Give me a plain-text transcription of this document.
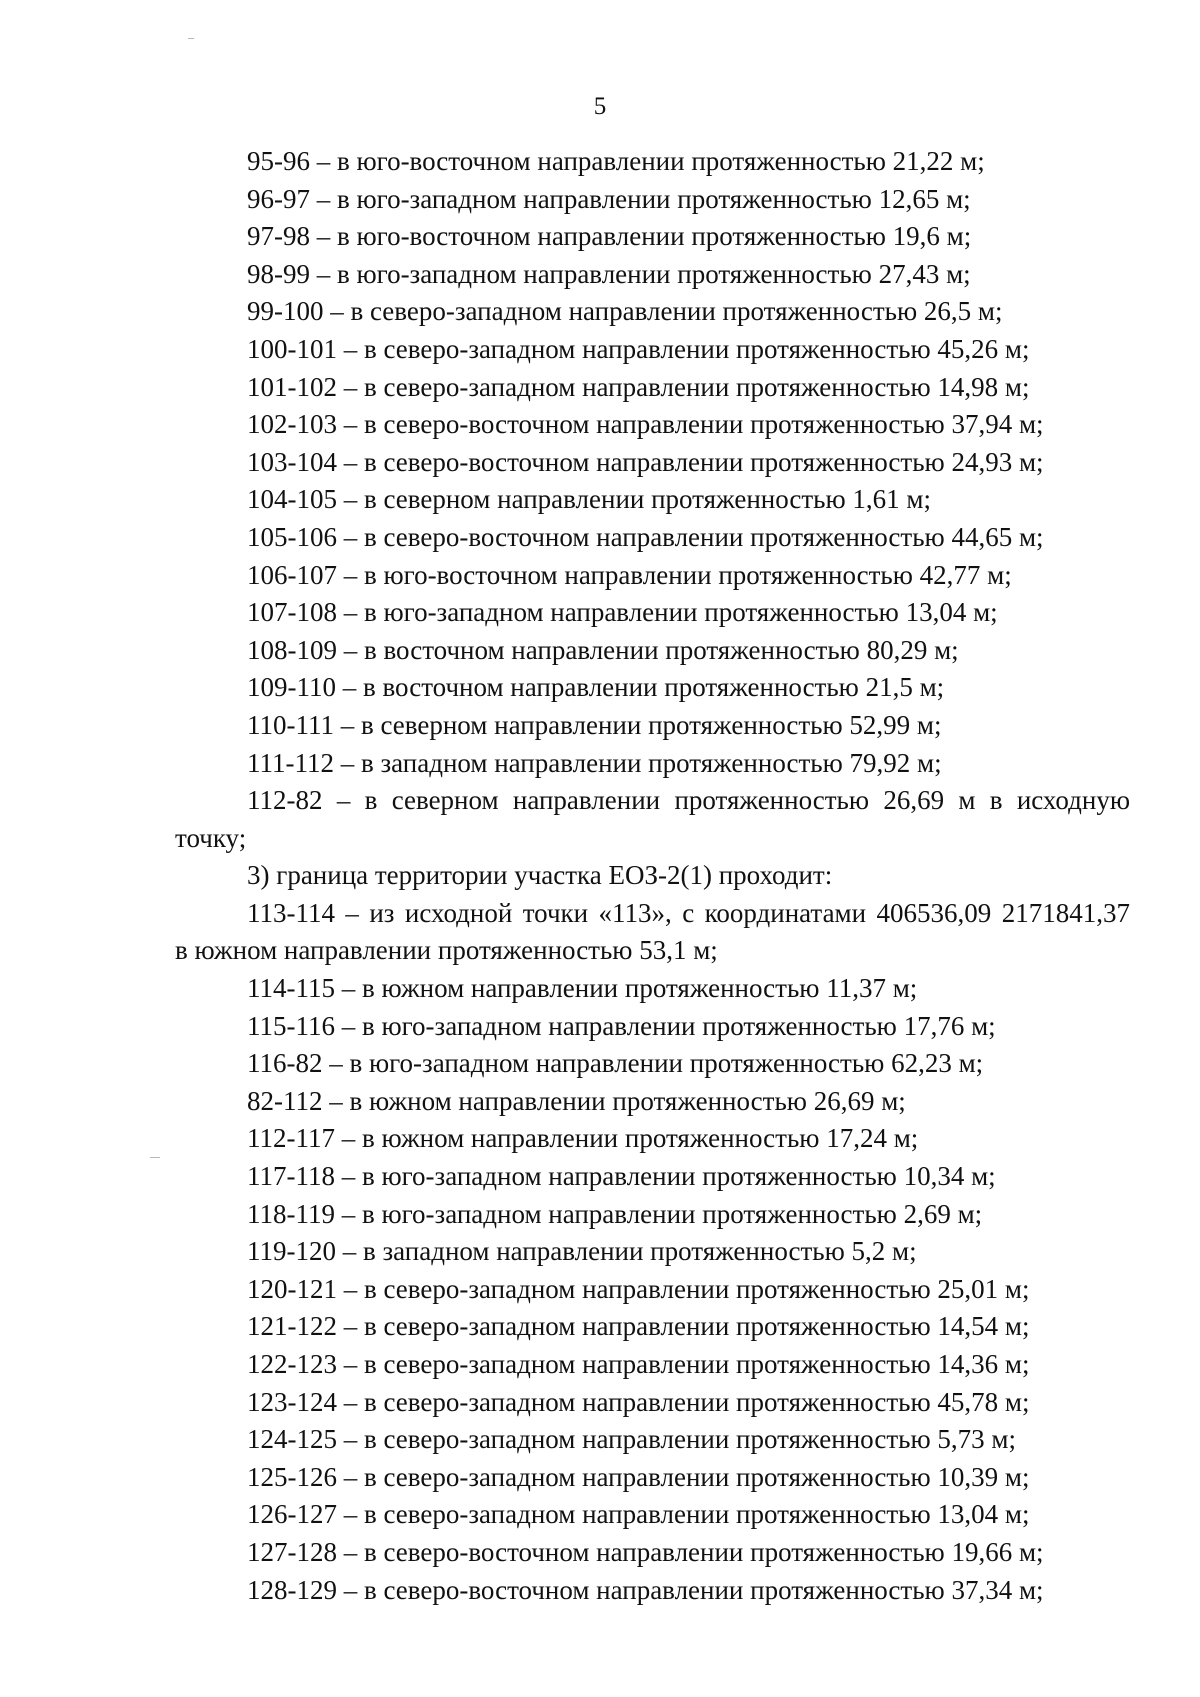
5
95-96 – в юго-восточном направлении протяженностью 21,22 м;
96-97 – в юго-западном направлении протяженностью 12,65 м;
97-98 – в юго-восточном направлении протяженностью 19,6 м;
98-99 – в юго-западном направлении протяженностью 27,43 м;
99-100 – в северо-западном направлении протяженностью 26,5 м;
100-101 – в северо-западном направлении протяженностью 45,26 м;
101-102 – в северо-западном направлении протяженностью 14,98 м;
102-103 – в северо-восточном направлении протяженностью 37,94 м;
103-104 – в северо-восточном направлении протяженностью 24,93 м;
104-105 – в северном направлении протяженностью 1,61 м;
105-106 – в северо-восточном направлении протяженностью 44,65 м;
106-107 – в юго-восточном направлении протяженностью 42,77 м;
107-108 – в юго-западном направлении протяженностью 13,04 м;
108-109 – в восточном направлении протяженностью 80,29 м;
109-110 – в восточном направлении протяженностью 21,5 м;
110-111 – в северном направлении протяженностью 52,99 м;
111-112 – в западном направлении протяженностью 79,92 м;
112-82 – в северном направлении протяженностью 26,69 м в исходную
точку;
3) граница территории участка ЕОЗ-2(1) проходит:
113-114 – из исходной точки «113», с координатами 406536,09 2171841,37
в южном направлении протяженностью 53,1 м;
114-115 – в южном направлении протяженностью 11,37 м;
115-116 – в юго-западном направлении протяженностью 17,76 м;
116-82 – в юго-западном направлении протяженностью 62,23 м;
82-112 – в южном направлении протяженностью 26,69 м;
112-117 – в южном направлении протяженностью 17,24 м;
117-118 – в юго-западном направлении протяженностью 10,34 м;
118-119 – в юго-западном направлении протяженностью 2,69 м;
119-120 – в западном направлении протяженностью 5,2 м;
120-121 – в северо-западном направлении протяженностью 25,01 м;
121-122 – в северо-западном направлении протяженностью 14,54 м;
122-123 – в северо-западном направлении протяженностью 14,36 м;
123-124 – в северо-западном направлении протяженностью 45,78 м;
124-125 – в северо-западном направлении протяженностью 5,73 м;
125-126 – в северо-западном направлении протяженностью 10,39 м;
126-127 – в северо-западном направлении протяженностью 13,04 м;
127-128 – в северо-восточном направлении протяженностью 19,66 м;
128-129 – в северо-восточном направлении протяженностью 37,34 м;
